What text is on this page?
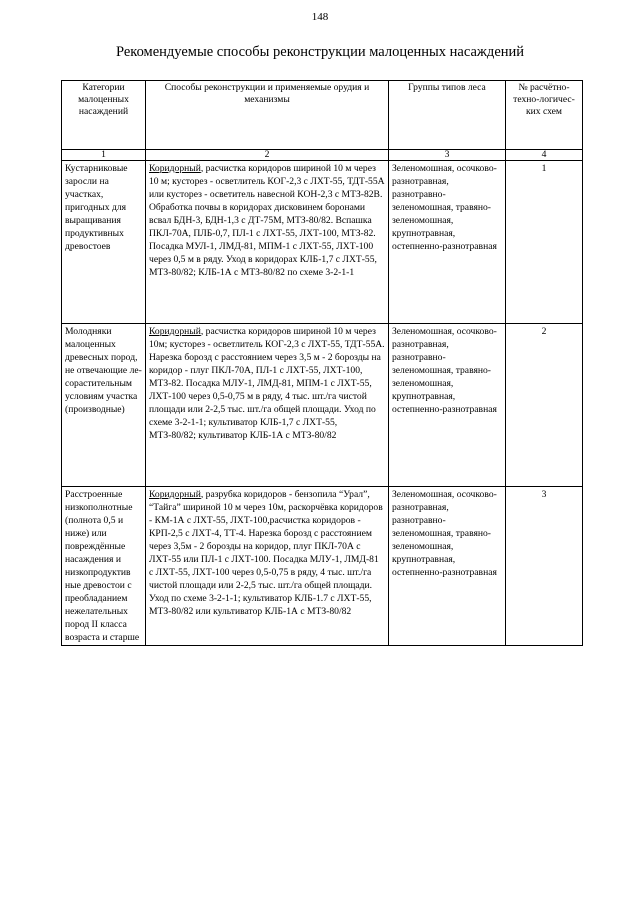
148
Рекомендуемые способы реконструкции малоценных насаждений
Категории малоценных насаждений	Способы реконструкции и применяемые орудия и механизмы	Группы типов леса	№ расчётно-техно-логичес-ких схем
1	2	3	4
Кустарниковые заросли на участках, пригодных для выращивания продуктивных древостоев	Коридорный, расчистка коридоров шириной 10 м через 10 м; кусторез - осветлитель КОГ-2,3 с ЛХТ-55, ТДТ-55А или кусторез - осветитель навесной КОН-2,3 с МТЗ-82В. Обработка почвы в коридорах дисковинем боронами всвал БДН-3, БДН-1,3 с ДТ-75М, МТЗ-80/82. Вспашка ПКЛ-70А, ПЛБ-0,7, ПЛ-1 с ЛХТ-55, ЛХТ-100, МТЗ-82. Посадка МУЛ-1, ЛМД-81, МПМ-1 с ЛХТ-55, ЛХТ-100 через 0,5 м в ряду. Уход в коридорах КЛБ-1,7 с ЛХТ-55, МТЗ-80/82; КЛБ-1А с МТЗ-80/82 по схеме 3-2-1-1	Зеленомошная, осочково-разнотравная, разнотравно-зеленомошная, травяно-зеленомошная, крупнотравная, остепненно-разнотравная	1
Молодняки малоценных древесных пород, не отвечающие ле-сорастительным условиям участка (производные)	Коридорный, расчистка коридоров шириной 10 м через 10м; кусторез - осветлитель КОГ-2,3 с ЛХТ-55, ТДТ-55А. Нарезка борозд с расстоянием через 3,5 м - 2 борозды на коридор - плуг ПКЛ-70А, ПЛ-1 с ЛХТ-55, ЛХТ-100, МТЗ-82. Посадка МЛУ-1, ЛМД-81, МПМ-1 с ЛХТ-55, ЛХТ-100 через 0,5-0,75 м в ряду, 4 тыс. шт./га чистой площади или 2-2,5 тыс. шт./га общей площади. Уход по схеме 3-2-1-1; культиватор КЛБ-1,7 с ЛХТ-55, МТЗ-80/82; культиватор КЛБ-1А с МТЗ-80/82	Зеленомошная, осочково-разнотравная, разнотравно-зеленомошная, травяно-зеленомошная, крупнотравная, остепненно-разнотравная	2
Расстроенные низкополнотные (полнота 0,5 и ниже) или повреждённые насаждения и низкопродуктив ные древостои с преобладанием нежелательных пород II класса возраста и старше	Коридорный, разрубка коридоров - бензопила “Урал”, “Тайга” шириной 10 м через 10м, раскорчёвка коридоров - КМ-1А с ЛХТ-55, ЛХТ-100,расчистка коридоров - КРП-2,5 с ЛХТ-4, ТТ-4. Нарезка борозд с расстоянием через 3,5м - 2 борозды на коридор, плуг ПКЛ-70А с ЛХТ-55 или ПЛ-1 с ЛХТ-100. Посадка МЛУ-1, ЛМД-81 с ЛХТ-55, ЛХТ-100 через 0,5-0,75 в ряду, 4 тыс. шт./га чистой площади или 2-2,5 тыс. шт./га общей площади. Уход по схеме 3-2-1-1; культиватор КЛБ-1.7 с ЛХТ-55, МТЗ-80/82 или культиватор КЛБ-1А с МТЗ-80/82	Зеленомошная, осочково-разнотравная, разнотравно-зеленомошная, травяно-зеленомошная, крупнотравная, остепненно-разнотравная	3
